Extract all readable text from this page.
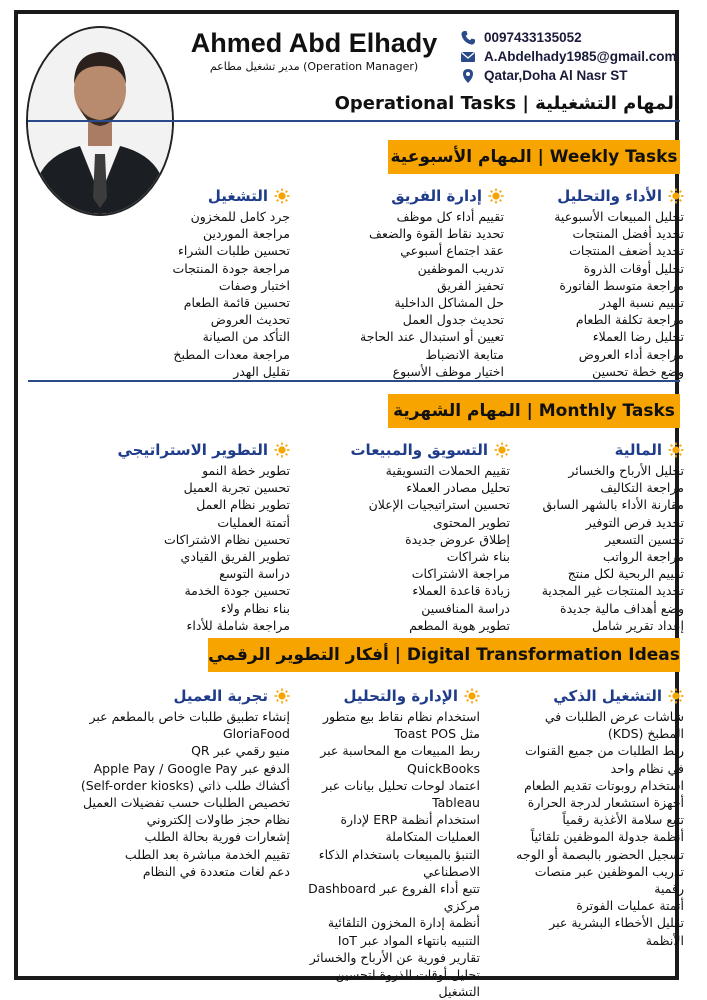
Ahmed Abd Elhady
مدير تشغيل مطاعم (Operation Manager)
0097433135052
A.Abdelhady1985@gmail.com
Qatar,Doha Al Nasr ST
المهام التشغيلية | Operational Tasks
المهام الأسبوعية | Weekly Tasks
الأداء والتحليل
تحليل المبيعات الأسبوعية
تحديد أفضل المنتجات
تحديد أضعف المنتجات
تحليل أوقات الذروة
مراجعة متوسط الفاتورة
تقييم نسبة الهدر
مراجعة تكلفة الطعام
تحليل رضا العملاء
مراجعة أداء العروض
وضع خطة تحسين
إدارة الفريق
تقييم أداء كل موظف
تحديد نقاط القوة والضعف
عقد اجتماع أسبوعي
تدريب الموظفين
تحفيز الفريق
حل المشاكل الداخلية
تحديث جدول العمل
تعيين أو استبدال عند الحاجة
متابعة الانضباط
اختيار موظف الأسبوع
التشغيل
جرد كامل للمخزون
مراجعة الموردين
تحسين طلبات الشراء
مراجعة جودة المنتجات
اختبار وصفات
تحسين قائمة الطعام
تحديث العروض
التأكد من الصيانة
مراجعة معدات المطبخ
تقليل الهدر
المهام الشهرية | Monthly Tasks
المالية
تحليل الأرباح والخسائر
مراجعة التكاليف
مقارنة الأداء بالشهر السابق
تحديد فرص التوفير
تحسين التسعير
مراجعة الرواتب
تقييم الربحية لكل منتج
تحديد المنتجات غير المجدية
وضع أهداف مالية جديدة
إعداد تقرير شامل
التسويق والمبيعات
تقييم الحملات التسويقية
تحليل مصادر العملاء
تحسين استراتيجيات الإعلان
تطوير المحتوى
إطلاق عروض جديدة
بناء شراكات
مراجعة الاشتراكات
زيادة قاعدة العملاء
دراسة المنافسين
تطوير هوية المطعم
التطوير الاستراتيجي
تطوير خطة النمو
تحسين تجربة العميل
تطوير نظام العمل
أتمتة العمليات
تحسين نظام الاشتراكات
تطوير الفريق القيادي
دراسة التوسع
تحسين جودة الخدمة
بناء نظام ولاء
مراجعة شاملة للأداء
أفكار التطوير الرقمي | Digital Transformation Ideas
التشغيل الذكي
شاشات عرض الطلبات في المطبخ (KDS)
ربط الطلبات من جميع القنوات في نظام واحد
استخدام روبوتات تقديم الطعام
أجهزة استشعار لدرجة الحرارة
تتبع سلامة الأغذية رقمياً
أنظمة جدولة الموظفين تلقائياً
تسجيل الحضور بالبصمة أو الوجه
تدريب الموظفين عبر منصات رقمية
أتمتة عمليات الفوترة
تقليل الأخطاء البشرية عبر الأنظمة
الإدارة والتحليل
استخدام نظام نقاط بيع متطور مثل Toast POS
ربط المبيعات مع المحاسبة عبر QuickBooks
اعتماد لوحات تحليل بيانات عبر Tableau
استخدام أنظمة ERP لإدارة العمليات المتكاملة
التنبؤ بالمبيعات باستخدام الذكاء الاصطناعي
تتبع أداء الفروع عبر Dashboard مركزي
أنظمة إدارة المخزون التلقائية
التنبيه بانتهاء المواد عبر IoT
تقارير فورية عن الأرباح والخسائر
تحليل أوقات الذروة لتحسين التشغيل
تجربة العميل
إنشاء تطبيق طلبات خاص بالمطعم عبر GloriaFood
منيو رقمي عبر QR
الدفع عبر Apple Pay / Google Pay
أكشاك طلب ذاتي (Self-order kiosks)
تخصيص الطلبات حسب تفضيلات العميل
نظام حجز طاولات إلكتروني
إشعارات فورية بحالة الطلب
تقييم الخدمة مباشرة بعد الطلب
دعم لغات متعددة في النظام
